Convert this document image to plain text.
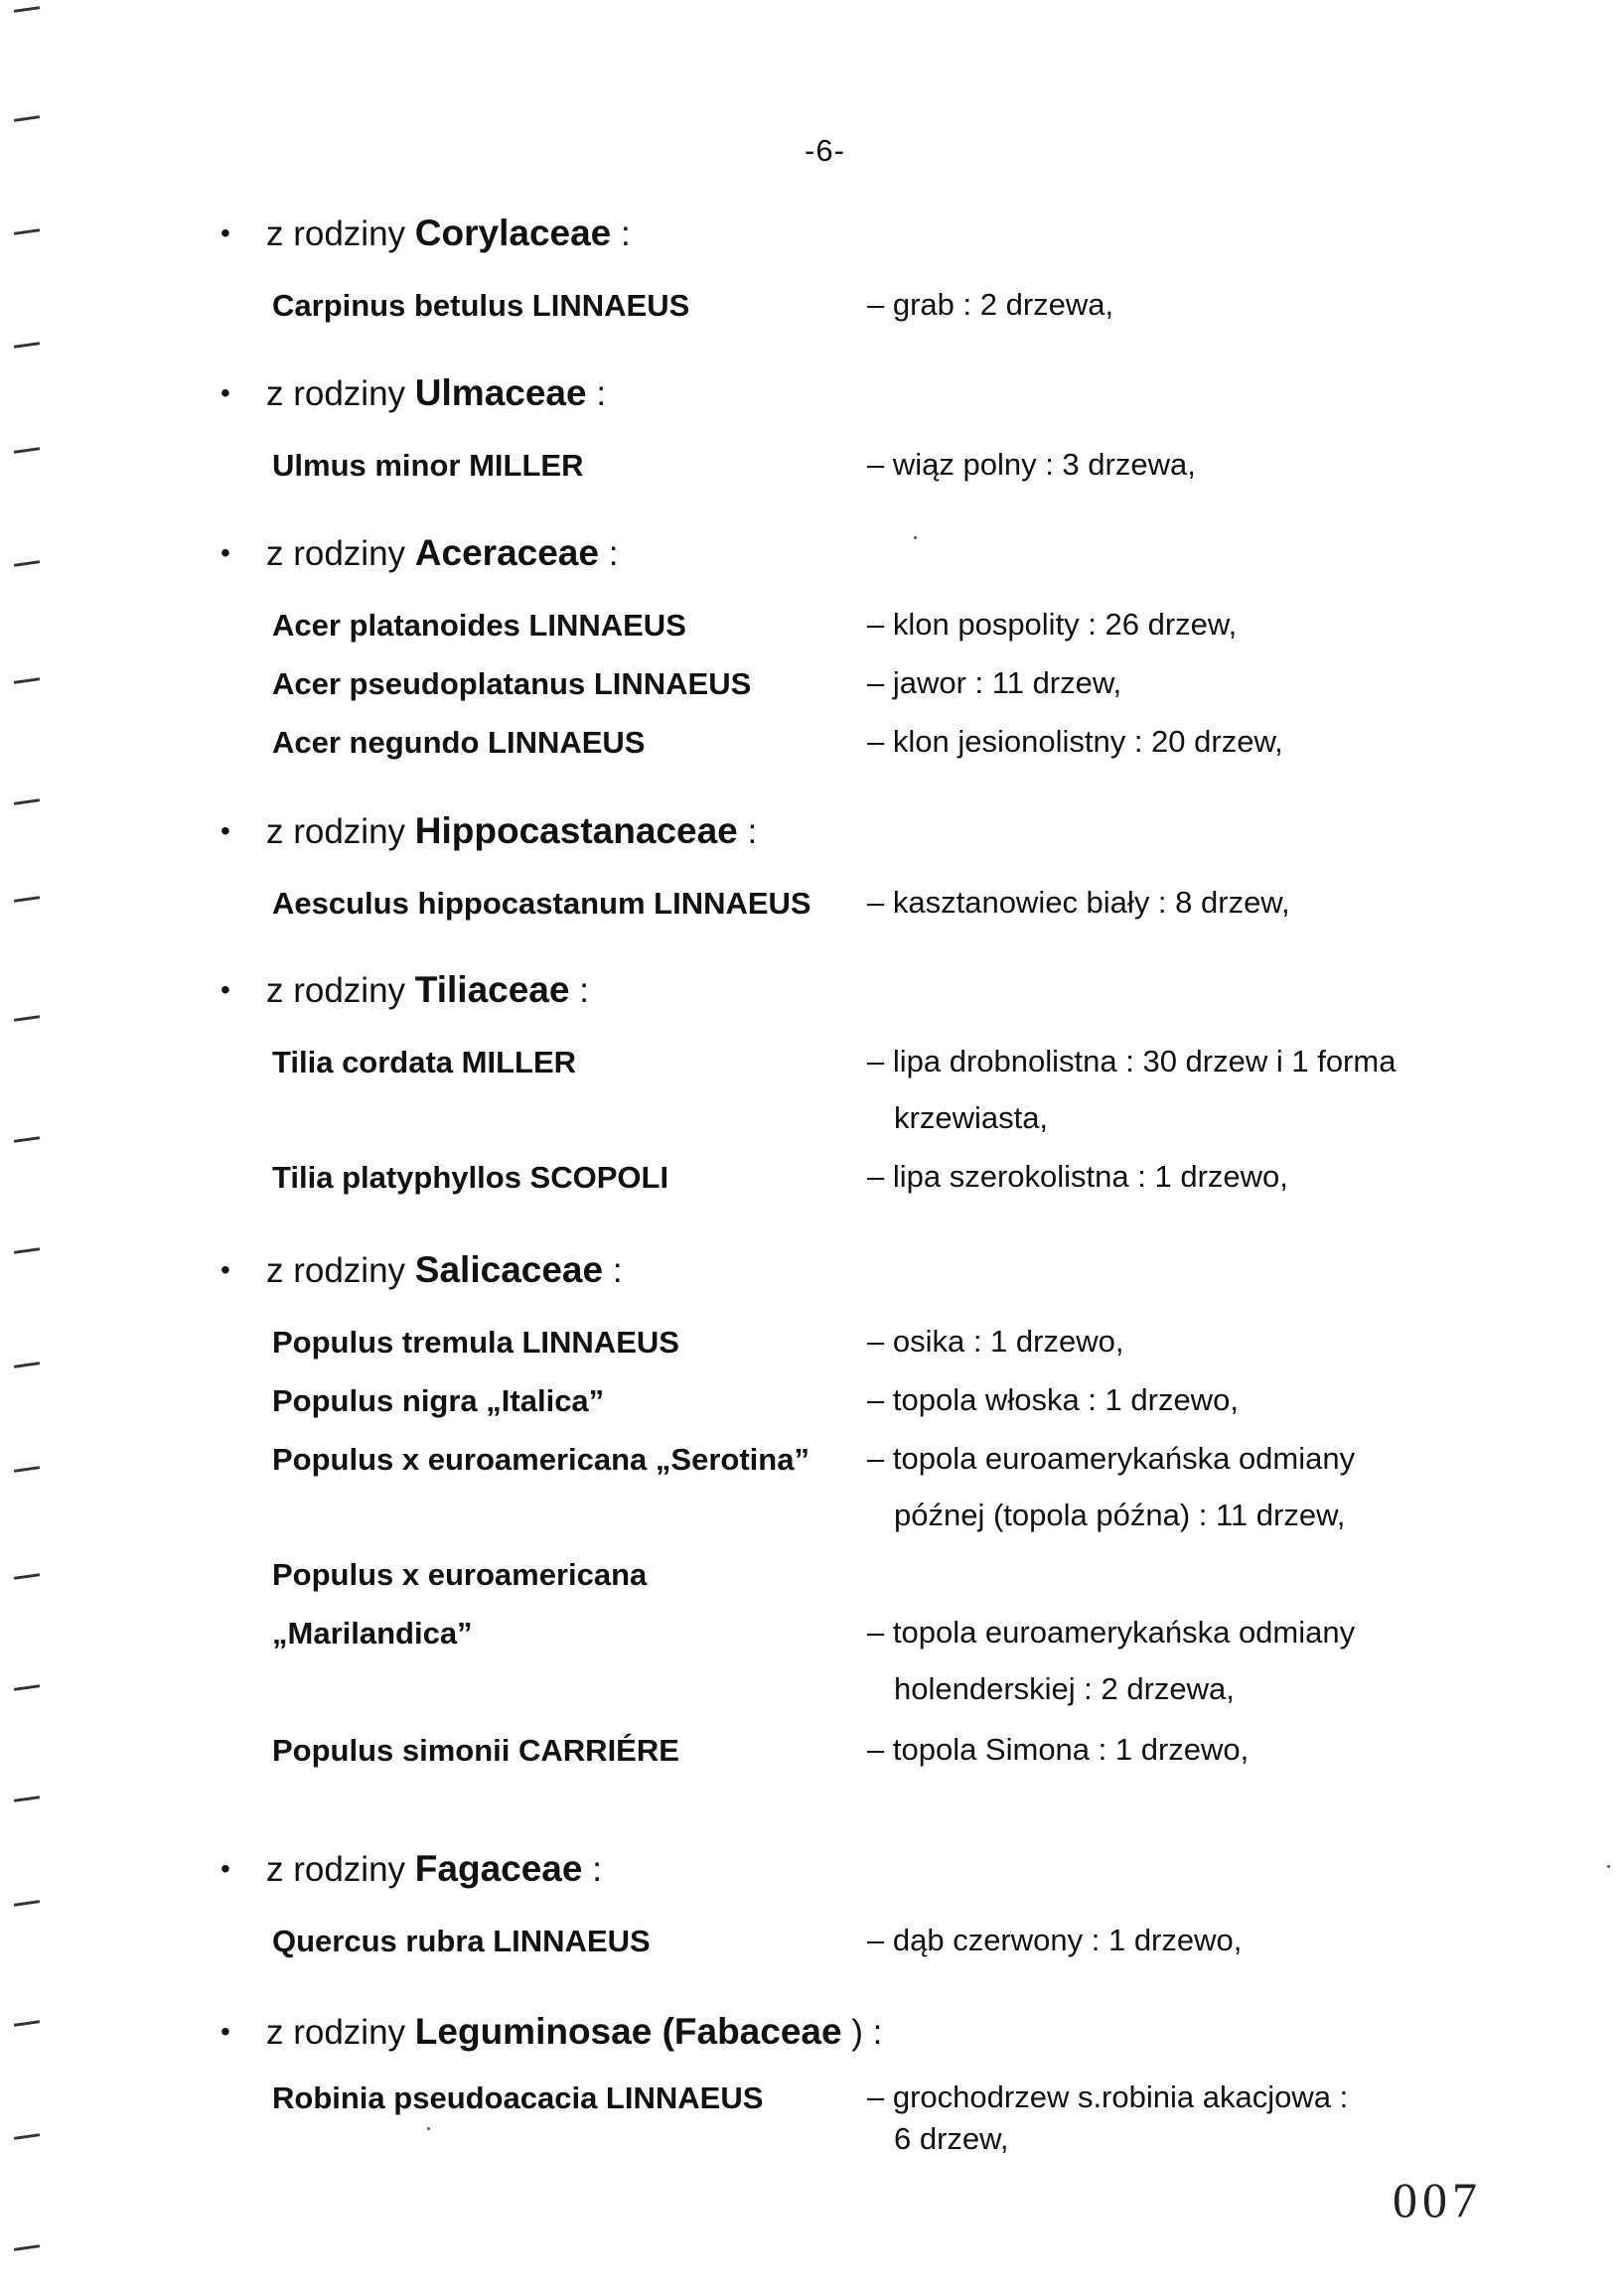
-6-
• z rodziny Corylaceae :
Carpinus betulus LINNAEUS	– grab : 2 drzewa,
• z rodziny Ulmaceae :
Ulmus minor MILLER	– wiąz polny : 3 drzewa,
• z rodziny Aceraceae :
Acer platanoides LINNAEUS	– klon pospolity : 26 drzew,
Acer pseudoplatanus LINNAEUS	– jawor : 11 drzew,
Acer negundo LINNAEUS	– klon jesionolistny : 20 drzew,
• z rodziny Hippocastanaceae :
Aesculus hippocastanum LINNAEUS – kasztanowiec biały : 8 drzew,
• z rodziny Tiliaceae :
Tilia cordata MILLER	– lipa drobnolistna : 30 drzew i 1 forma
krzewiasta,
Tilia platyphyllos SCOPOLI	– lipa szerokolistna : 1 drzewo,
• z rodziny Salicaceae :
Populus tremula LINNAEUS	– osika : 1 drzewo,
Populus nigra „Italica”	– topola włoska : 1 drzewo,
Populus x euroamericana „Serotina” – topola euroamerykańska odmiany
późnej (topola późna) : 11 drzew,
Populus x euroamericana
„Marilandica”	– topola euroamerykańska odmiany
holenderskiej : 2 drzewa,
Populus simonii CARRIÉRE	– topola Simona : 1 drzewo,
• z rodziny Fagaceae :
Quercus rubra LINNAEUS	– dąb czerwony : 1 drzewo,
• z rodziny Leguminosae (Fabaceae ) :
Robinia pseudoacacia LINNAEUS	– grochodrzew s.robinia akacjowa :
6 drzew,
007
